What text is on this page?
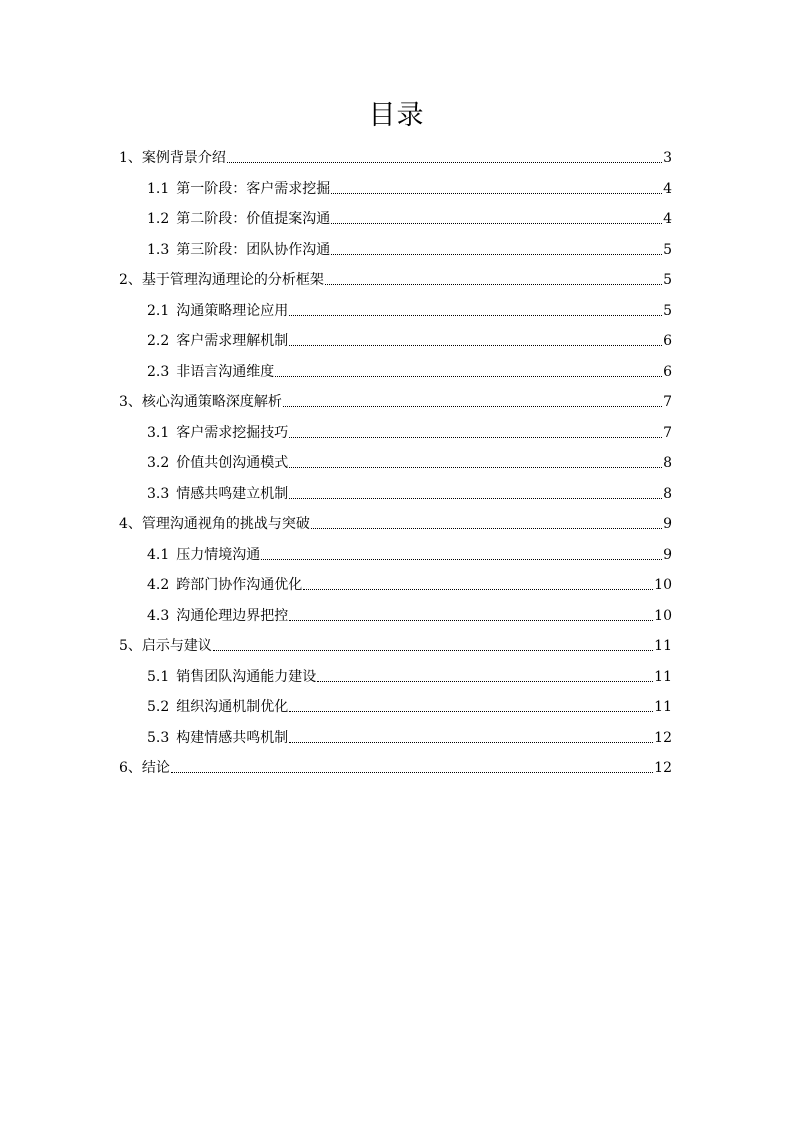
目录
1、 案例背景介绍	3
1.1 第一阶段：客户需求挖掘	4
1.2 第二阶段：价值提案沟通	4
1.3 第三阶段：团队协作沟通	5
2、 基于管理沟通理论的分析框架	5
2.1 沟通策略理论应用	5
2.2 客户需求理解机制	6
2.3 非语言沟通维度	6
3、 核心沟通策略深度解析	7
3.1 客户需求挖掘技巧	7
3.2 价值共创沟通模式	8
3.3 情感共鸣建立机制	8
4、 管理沟通视角的挑战与突破	9
4.1 压力情境沟通	9
4.2 跨部门协作沟通优化	10
4.3 沟通伦理边界把控	10
5、 启示与建议	11
5.1 销售团队沟通能力建设	11
5.2 组织沟通机制优化	11
5.3 构建情感共鸣机制	12
6、 结论	12
